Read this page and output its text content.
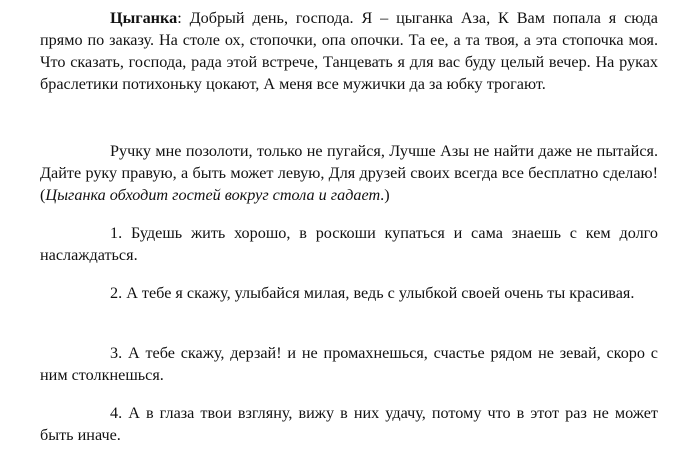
Цыганка: Добрый день, господа. Я – цыганка Аза, К Вам попала я сюда прямо по заказу. На столе ох, стопочки, опа опочки. Та ее, а та твоя, а эта стопочка моя. Что сказать, господа, рада этой встрече, Танцевать я для вас буду целый вечер. На руках браслетики потихоньку цокают, А меня все мужички да за юбку трогают.

Ручку мне позолоти, только не пугайся, Лучше Азы не найти даже не пытайся. Дайте руку правую, а быть может левую, Для друзей своих всегда все бесплатно сделаю! (Цыганка обходит гостей вокруг стола и гадает.)

1. Будешь жить хорошо, в роскоши купаться и сама знаешь с кем долго наслаждаться.

2. А тебе я скажу, улыбайся милая, ведь с улыбкой своей очень ты красивая.

3. А тебе скажу, дерзай! и не промахнешься, счастье рядом не зевай, скоро с ним столкнешься.

4. А в глаза твои взгляну, вижу в них удачу, потому что в этот раз не может быть иначе.
